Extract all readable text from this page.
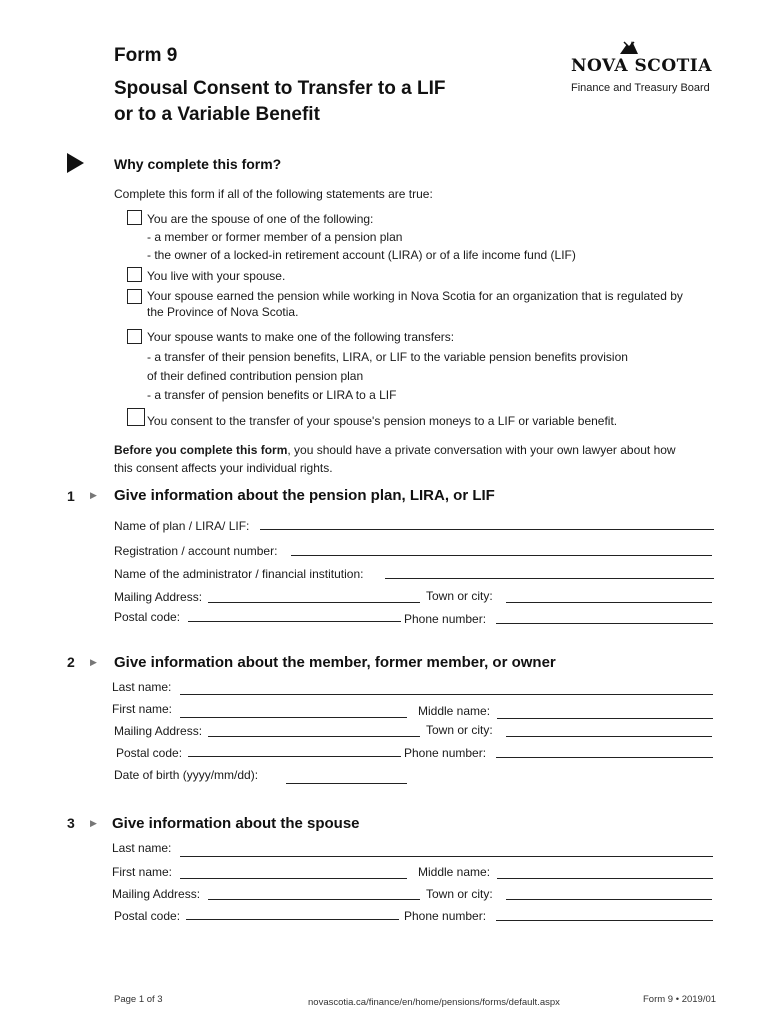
Form 9
Spousal Consent to Transfer to a LIF
or to a Variable Benefit
NOVA SCOTIA
Finance and Treasury Board
Why complete this form?
Complete this form if all of the following statements are true:
You are the spouse of one of the following:
- a member or former member of a pension plan
- the owner of a locked-in retirement account (LIRA) or of a life income fund (LIF)
You live with your spouse.
Your spouse earned the pension while working in Nova Scotia for an organization that is regulated by
the Province of Nova Scotia.
Your spouse wants to make one of the following transfers:
- a transfer of their pension benefits, LIRA, or LIF to the variable pension benefits provision
of their defined contribution pension plan
- a transfer of pension benefits or LIRA to a LIF
You consent to the transfer of your spouse's pension moneys to a LIF or variable benefit.
Before you complete this form, you should have a private conversation with your own lawyer about how
this consent affects your individual rights.
1 ▶ Give information about the pension plan, LIRA, or LIF
Name of plan / LIRA/ LIF:
Registration / account number:
Name of the administrator / financial institution:
Mailing Address:	Town or city:
Postal code:	Phone number:
2 ▶ Give information about the member, former member, or owner
Last name:
First name:	Middle name:
Mailing Address:	Town or city:
Postal code:	Phone number:
Date of birth (yyyy/mm/dd):
3 ▶ Give information about the spouse
Last name:
First name:	Middle name:
Mailing Address:	Town or city:
Postal code:	Phone number:
Page 1 of 3	novascotia.ca/finance/en/home/pensions/forms/default.aspx	Form 9 • 2019/01
